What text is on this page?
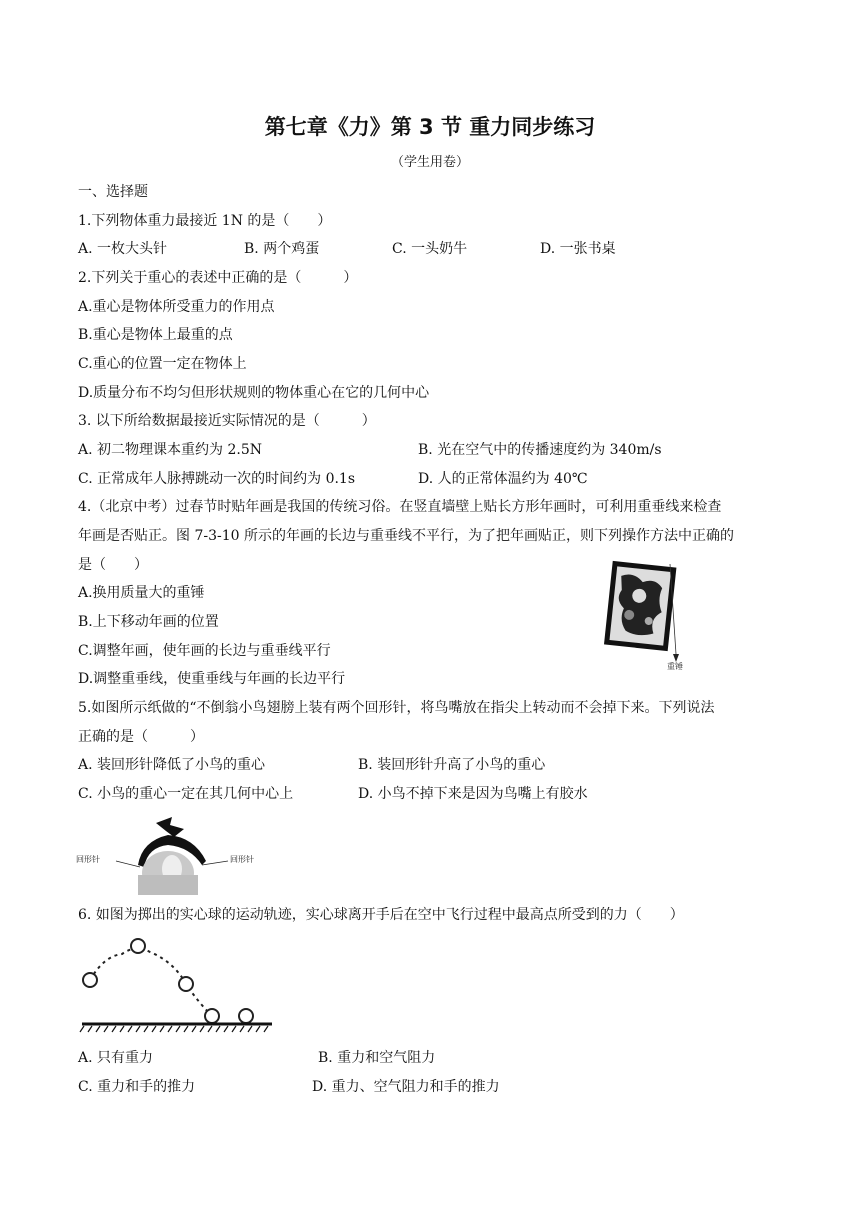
第七章《力》第 3 节 重力同步练习
（学生用卷）
一、选择题
1.下列物体重力最接近 1N 的是（　　）
A. 一枚大头针	B. 两个鸡蛋	C. 一头奶牛	D. 一张书桌
2.下列关于重心的表述中正确的是（　　　）
A.重心是物体所受重力的作用点
B.重心是物体上最重的点
C.重心的位置一定在物体上
D.质量分布不均匀但形状规则的物体重心在它的几何中心
3. 以下所给数据最接近实际情况的是（　　　）
A. 初二物理课本重约为 2.5N	B. 光在空气中的传播速度约为 340m/s
C. 正常成年人脉搏跳动一次的时间约为 0.1s	D. 人的正常体温约为 40℃
4.（北京中考）过春节时贴年画是我国的传统习俗。在竖直墙壁上贴长方形年画时，可利用重垂线来检查
年画是否贴正。图 7-3-10 所示的年画的长边与重垂线不平行，为了把年画贴正，则下列操作方法中正确的
是（　　）
A.换用质量大的重锤
B.上下移动年画的位置
C.调整年画，使年画的长边与重垂线平行
D.调整重垂线，使重垂线与年画的长边平行
重锤
5.如图所示纸做的“不倒翁小鸟翅膀上装有两个回形针，将鸟嘴放在指尖上转动而不会掉下来。下列说法
正确的是（　　　）
A. 装回形针降低了小鸟的重心	B. 装回形针升高了小鸟的重心
C. 小鸟的重心一定在其几何中心上	D. 小鸟不掉下来是因为鸟嘴上有胶水
回形针	回形针
6. 如图为掷出的实心球的运动轨迹，实心球离开手后在空中飞行过程中最高点所受到的力（　　）
A. 只有重力	B. 重力和空气阻力
C. 重力和手的推力	D. 重力、空气阻力和手的推力
